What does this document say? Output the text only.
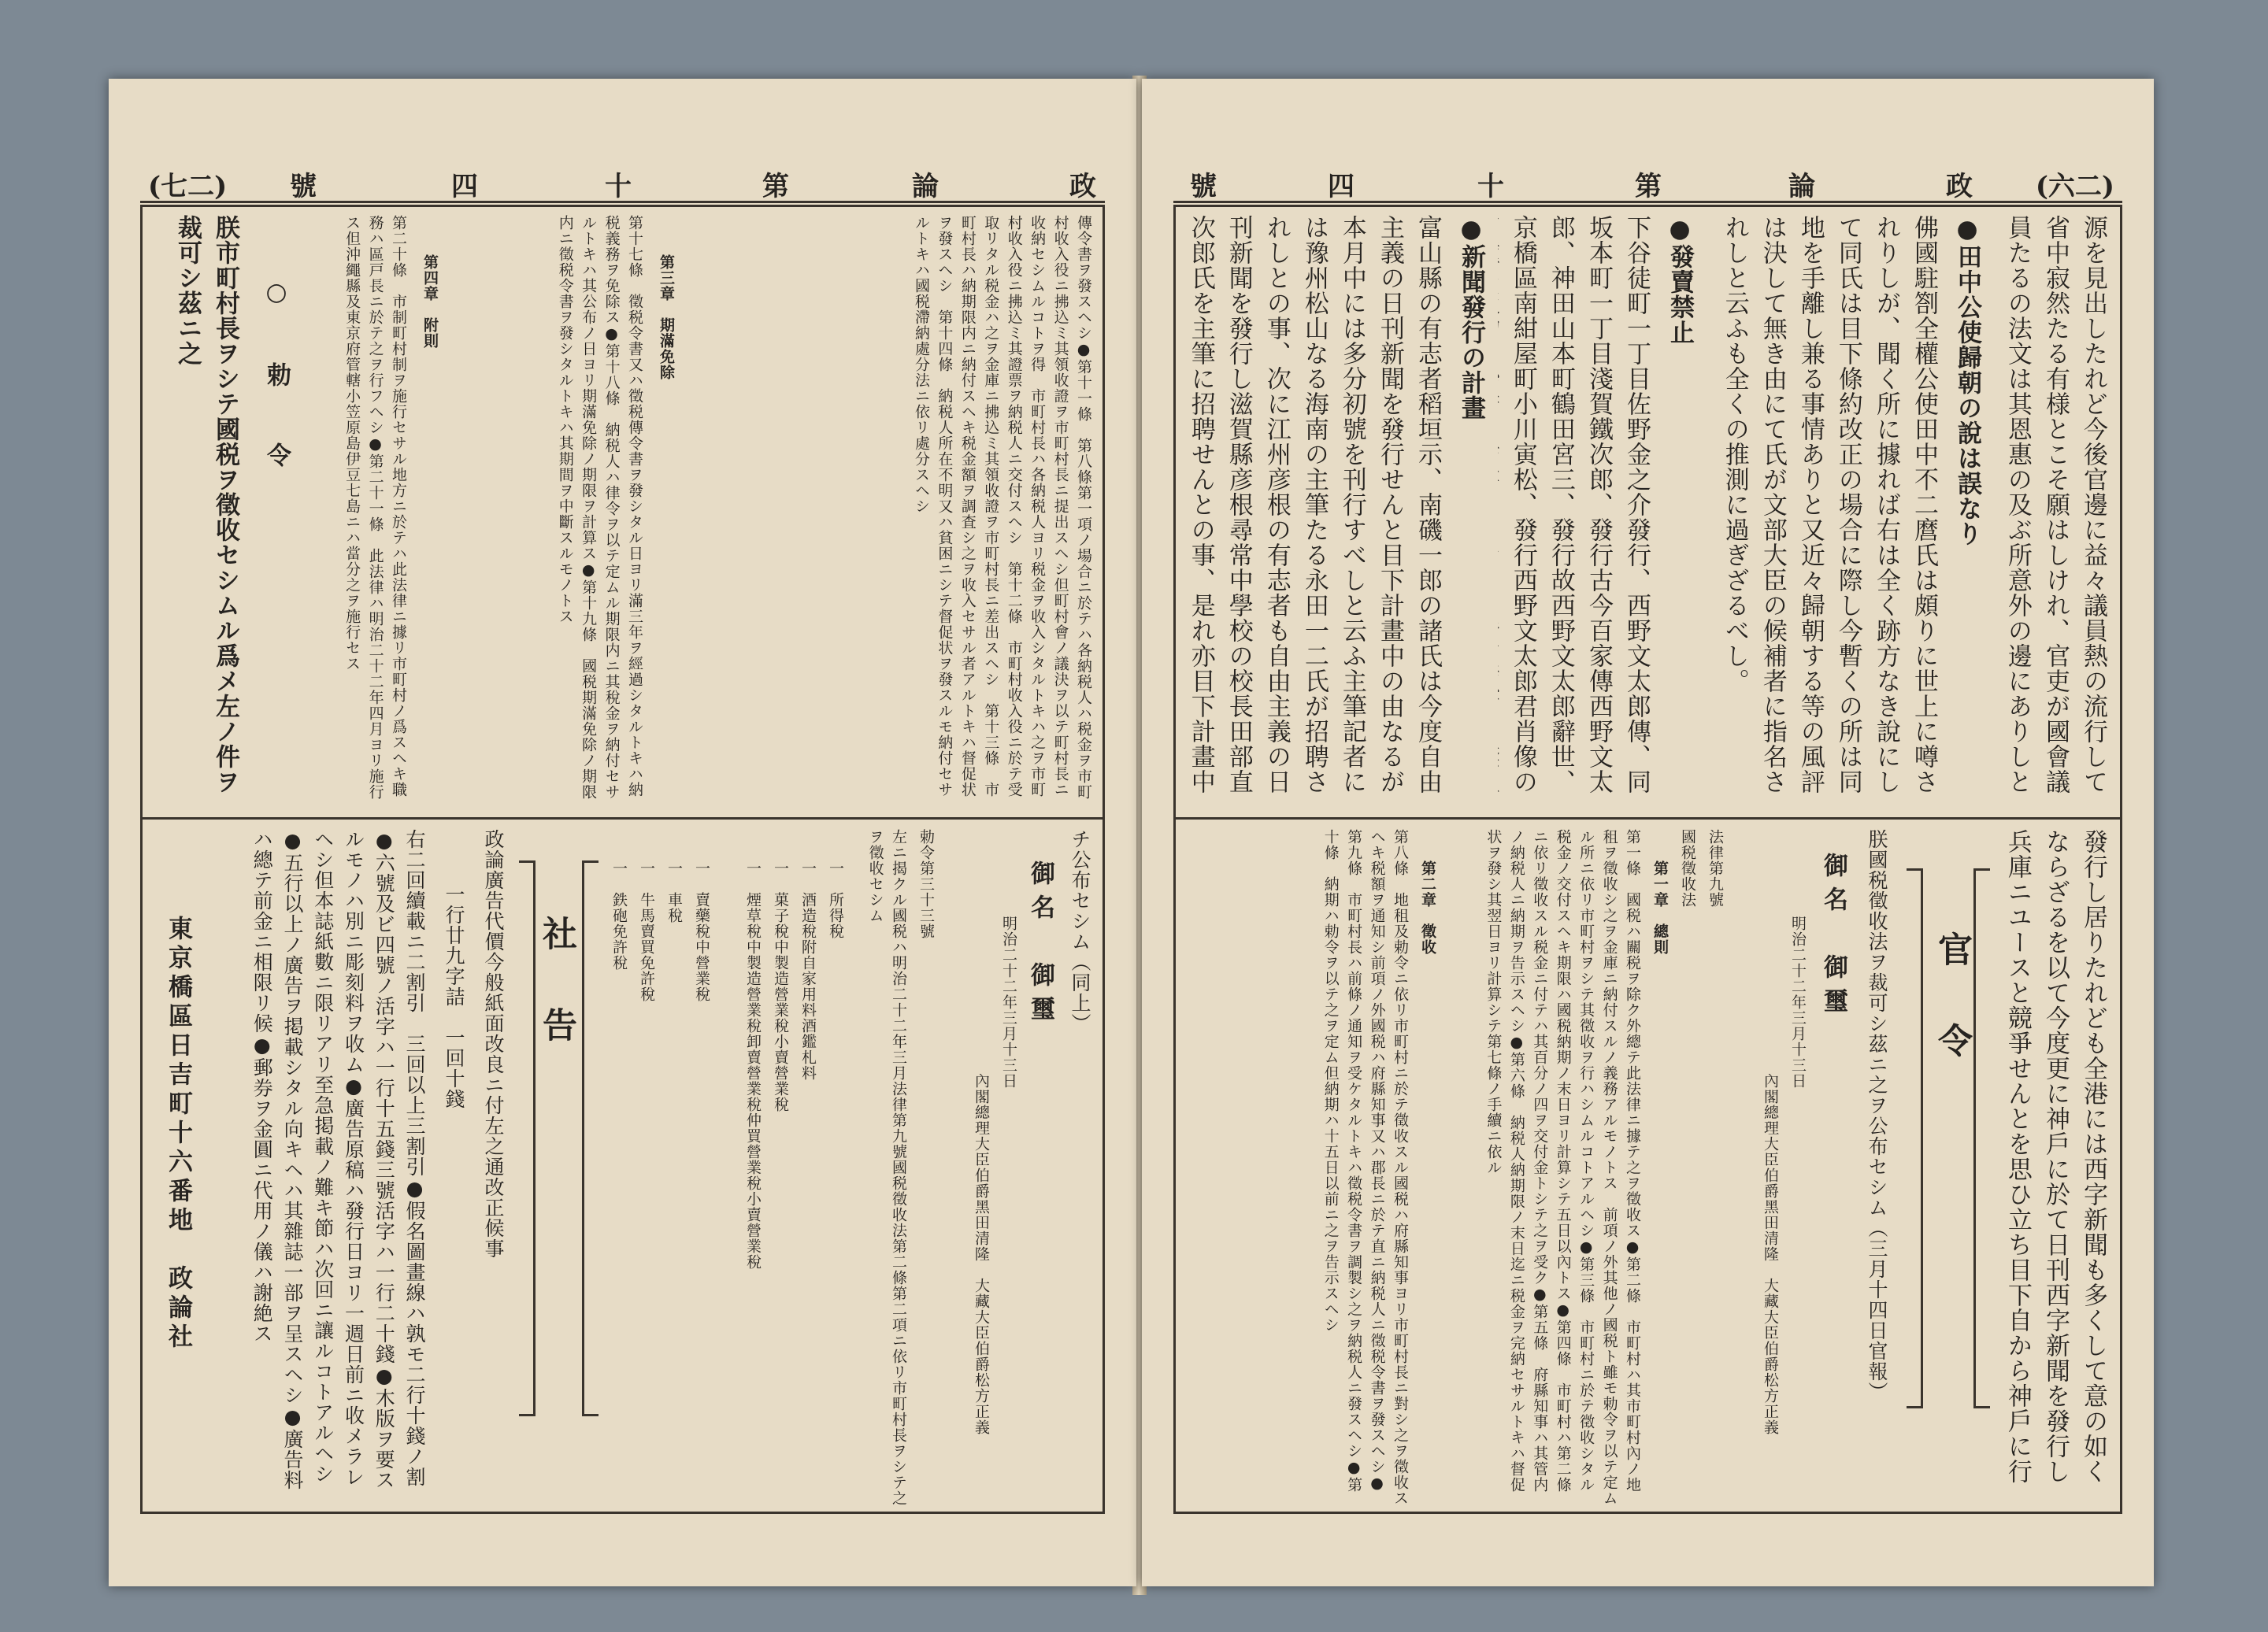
(七二) 號	四	十	第	論	政
傳令書ヲ發スヘシ●第十一條　第八條第一項ノ場合ニ於テハ各納税人ハ税金ヲ市町村收入役ニ拂込ミ其領收證ヲ市町村長ニ提出スヘシ但町村會ノ議決ヲ以テ町村長ニ收納セシムルコトヲ得　市町村長ハ各納税人ヨリ税金ヲ收入シタルトキハ之ヲ市町村收入役ニ拂込ミ其證票ヲ納税人ニ交付スヘシ　第十二條　市町村收入役ニ於テ受取リタル税金ハ之ヲ金庫ニ拂込ミ其領收證ヲ市町村長ニ差出スヘシ　第十三條　市町村長ハ納期限内ニ納付スヘキ税金額ヲ調査シ之ヲ收入セサル者アルトキハ督促状ヲ發スヘシ　第十四條　納税人所在不明又ハ貧困ニシテ督促状ヲ發スルモ納付セサルトキハ國税滯納處分法ニ依リ處分スヘシ
第三章　期滿免除
第十七條　徵税令書又ハ徵税傳令書ヲ發シタル日ヨリ滿三年ヲ經過シタルトキハ納税義務ヲ免除ス●第十八條　納税人ハ律令ヲ以テ定ムル期限内ニ其稅金ヲ納付セサルトキハ其公布ノ日ヨリ期滿免除ノ期限ヲ計算ス●第十九條　國税期滿免除ノ期限内ニ徵税令書ヲ發シタルトキハ其期間ヲ中斷スルモノトス
第四章　附則
第二十條　市制町村制ヲ施行セサル地方ニ於テハ此法律ニ據リ市町村ノ爲スヘキ職務ハ區戸長ニ於テ之ヲ行フヘシ●第二十一條　此法律ハ明治二十二年四月ヨリ施行ス但沖繩縣及東京府管轄小笠原島伊豆七島ニハ當分之ヲ施行セス
○　勅　令
朕市町村長ヲシテ國税ヲ徵收セシムル爲メ左ノ件ヲ裁可シ茲ニ之
チ公布セシム（同上）
御名　御璽
明治二十二年三月十三日
內閣總理大臣伯爵黑田清隆　大藏大臣伯爵松方正義
勅令第三十三號
左ニ揭クル國税ハ明治二十二年三月法律第九號國税徵收法第二條第二項ニ依リ市町村長ヲシテ之ヲ徵收セシム
一　所得稅
一　酒造稅附自家用料酒鑑札料
一　菓子稅中製造營業稅小賣營業稅
一　煙草稅中製造營業稅卸賣營業稅仲買營業稅小賣營業稅
一　賣藥稅中營業稅
一　車稅
一　牛馬賣買免許稅
一　鉄砲免許稅
社　告
政論廣告代價今般紙面改良ニ付左之通改正候事
一行廿九字詰　一回十錢
右二回續載ニ二割引　三回以上三割引●假名圖畫線ハ孰モ二行十錢ノ割●六號及ビ四號ノ活字ハ一行十五錢三號活字ハ一行二十錢●木版ヲ要スルモノハ別ニ彫刻料ヲ收ム●廣告原稿ハ發行日ヨリ一週日前ニ收メラレヘシ但本誌紙數ニ限リアリ至急掲載ノ難キ節ハ次回ニ讓ルコトアルヘシ●五行以上ノ廣告ヲ掲載シタル向キヘハ其雜誌一部ヲ呈スヘシ●廣告料ハ總テ前金ニ相限リ候●郵券ヲ金圓ニ代用ノ儀ハ謝絶ス
東京橋區日吉町十六番地　政論社
(六二)
政
論
第
十
四
號
源を見出したれど今後官邊に益々議員熱の流行して省中寂然たる有様とこそ願はしけれ、官吏が國會議員たるの法文は其恩惠の及ぶ所意外の邊にありしと
●田中公使歸朝の說は誤なり
佛國駐劄全權公使田中不二麿氏は頗りに世上に噂されりしが、聞く所に據れば右は全く跡方なき說にして同氏は目下條約改正の場合に際し今暫くの所は同地を手離し兼る事情ありと又近々歸朝する等の風評は決して無き由にて氏が文部大臣の候補者に指名されしと云ふも全くの推測に過ぎざるべし。
●發賣禁止
下谷徒町一丁目佐野金之介發行、西野文太郎傳、同坂本町一丁目淺賀鐵次郎、發行古今百家傳西野文太郎、神田山本町鶴田宮三、發行故西野文太郎辭世、京橋區南紺屋町小川寅松、發行西野文太郎君肖像の
●新聞發行の計畫
富山縣の有志者稻垣示、南磯一郎の諸氏は今度自由主義の日刊新聞を發行せんと目下計畫中の由なるが本月中には多分初號を刊行すべしと云ふ主筆記者には豫州松山なる海南の主筆たる永田一二氏が招聘されしとの事、次に江州彦根の有志者も自由主義の日刊新聞を發行し滋賀縣彦根尋常中學校の校長田部直次郎氏を主筆に招聘せんとの事、是れ亦目下計畫中
發行し居りたれども全港には西字新聞も多くして意の如くならざるを以て今度更に神戶に於て日刊西字新聞を發行し兵庫ニユースと競爭せんとを思ひ立ち目下自から神戶に行
官　令
朕國税徵收法ヲ裁可シ茲ニ之ヲ公布セシム（三月十四日官報）
御名　御璽
明治二十二年三月十三日
內閣總理大臣伯爵黑田清隆　大藏大臣伯爵松方正義
法律第九號
國税徵收法
第一章　總則
第一條　國税ハ關税ヲ除ク外總テ此法律ニ據テ之ヲ徵收ス●第二條　市町村ハ其市町村內ノ地租ヲ徵收シ之ヲ金庫ニ納付スルノ義務アルモノトス　前項ノ外其他ノ國税ト雖モ勅令ヲ以テ定ムル所ニ依リ市町村ヲシテ其徵收ヲ行ハシムルコトアルヘシ●第三條　市町村ニ於テ徵收シタル税金ノ交付スヘキ期限ハ國税納期ノ末日ヨリ計算シテ五日以內トス●第四條　市町村ハ第二條ニ依リ徵收スル税金ニ付テハ其百分ノ四ヲ交付金トシテ之ヲ受ク●第五條　府縣知事ハ其管内ノ納税人ニ納期ヲ告示スヘシ●第六條　納税人納期限ノ末日迄ニ税金ヲ完納セサルトキハ督促状ヲ發シ其翌日ヨリ計算シテ第七條ノ手續ニ依ル
第二章　徵收
第八條　地租及勅令ニ依リ市町村ニ於テ徵收スル國税ハ府縣知事ヨリ市町村長ニ對シ之ヲ徵收スヘキ税額ヲ通知シ前項ノ外國税ハ府縣知事又ハ郡長ニ於テ直ニ納税人ニ徵税令書ヲ發スヘシ●第九條　市町村長ハ前條ノ通知ヲ受ケタルトキハ徵税令書ヲ調製シ之ヲ納税人ニ發スヘシ●第十條　納期ハ勅令ヲ以テ之ヲ定ム但納期ハ十五日以前ニ之ヲ告示スヘシ
